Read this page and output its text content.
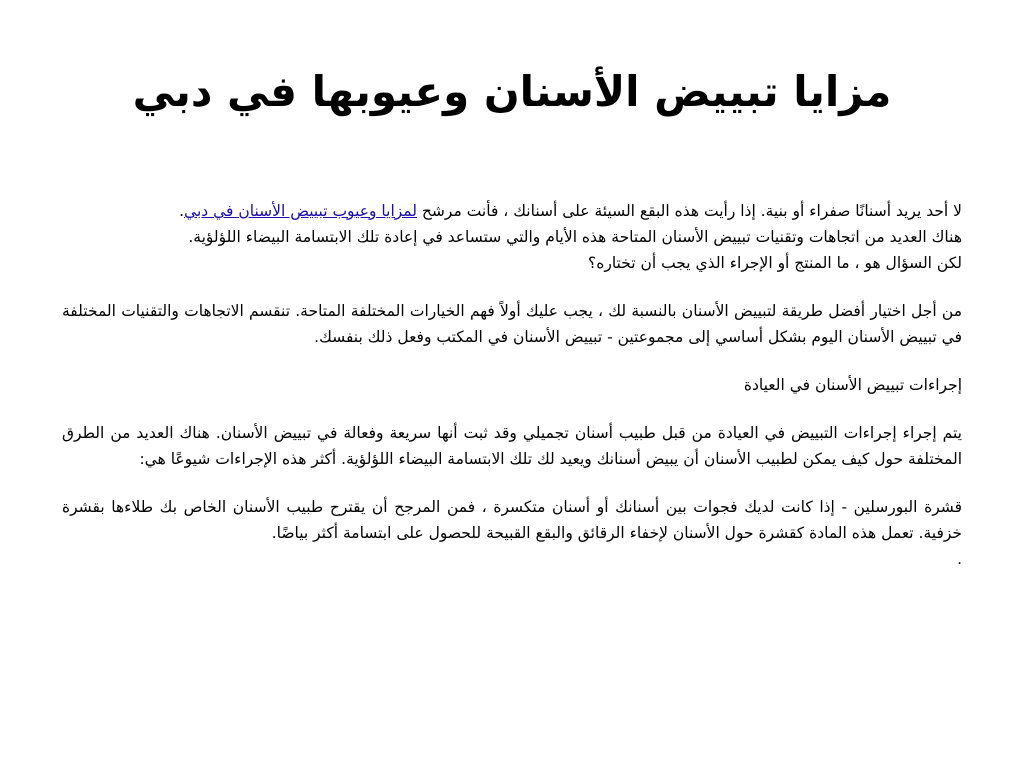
مزايا تبييض الأسنان وعيوبها في دبي

لا أحد يريد أسنانًا صفراء أو بنية. إذا رأيت هذه البقع السيئة على أسنانك ، فأنت مرشح لمزايا وعيوب تبييض الأسنان في دبي.
هناك العديد من اتجاهات وتقنيات تبييض الأسنان المتاحة هذه الأيام والتي ستساعد في إعادة تلك الابتسامة البيضاء اللؤلؤية.
لكن السؤال هو ، ما المنتج أو الإجراء الذي يجب أن تختاره؟

من أجل اختيار أفضل طريقة لتبييض الأسنان بالنسبة لك ، يجب عليك أولاً فهم الخيارات المختلفة المتاحة. تنقسم الاتجاهات والتقنيات المختلفة في تبييض الأسنان اليوم بشكل أساسي إلى مجموعتين - تبييض الأسنان في المكتب وفعل ذلك بنفسك.

إجراءات تبييض الأسنان في العيادة

يتم إجراء إجراءات التبييض في العيادة من قبل طبيب أسنان تجميلي وقد ثبت أنها سريعة وفعالة في تبييض الأسنان. هناك العديد من الطرق المختلفة حول كيف يمكن لطبيب الأسنان أن يبيض أسنانك ويعيد لك تلك الابتسامة البيضاء اللؤلؤية. أكثر هذه الإجراءات شيوعًا هي:

قشرة البورسلين - إذا كانت لديك فجوات بين أسنانك أو أسنان متكسرة ، فمن المرجح أن يقترح طبيب الأسنان الخاص بك طلاءها بقشرة خزفية. تعمل هذه المادة كقشرة حول الأسنان لإخفاء الرقائق والبقع القبيحة للحصول على ابتسامة أكثر بياضًا.
.
